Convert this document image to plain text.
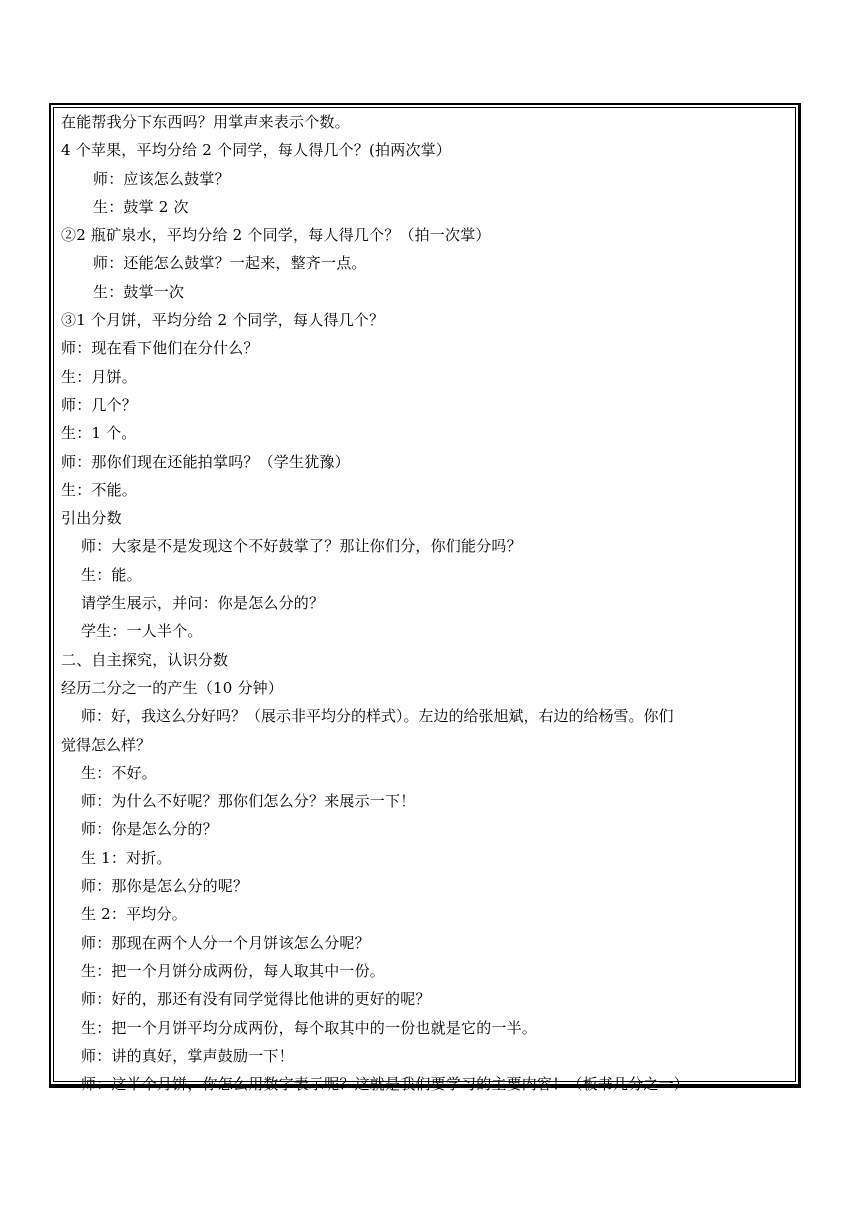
在能帮我分下东西吗？用掌声来表示个数。
4 个苹果，平均分给 2 个同学，每人得几个？(拍两次掌）
师：应该怎么鼓掌？
生：鼓掌 2 次
②2 瓶矿泉水，平均分给 2 个同学，每人得几个？（拍一次掌）
师：还能怎么鼓掌？一起来，整齐一点。
生：鼓掌一次
③1 个月饼，平均分给 2 个同学，每人得几个？
师：现在看下他们在分什么？
生：月饼。
师：几个？
生：1 个。
师：那你们现在还能拍掌吗？（学生犹豫）
生：不能。
引出分数
师：大家是不是发现这个不好鼓掌了？那让你们分，你们能分吗？
生：能。
请学生展示，并问：你是怎么分的？
学生：一人半个。
二、自主探究，认识分数
经历二分之一的产生（10 分钟）
师：好，我这么分好吗？（展示非平均分的样式）。左边的给张旭斌，右边的给杨雪。你们
觉得怎么样？
生：不好。
师：为什么不好呢？那你们怎么分？来展示一下！
师：你是怎么分的？
生 1：对折。
师：那你是怎么分的呢？
生 2：平均分。
师：那现在两个人分一个月饼该怎么分呢？
生：把一个月饼分成两份，每人取其中一份。
师：好的，那还有没有同学觉得比他讲的更好的呢？
生：把一个月饼平均分成两份，每个取其中的一份也就是它的一半。
师：讲的真好，掌声鼓励一下！
师：这半个月饼，你怎么用数字表示呢？这就是我们要学习的主要内容！（板书几分之一）
